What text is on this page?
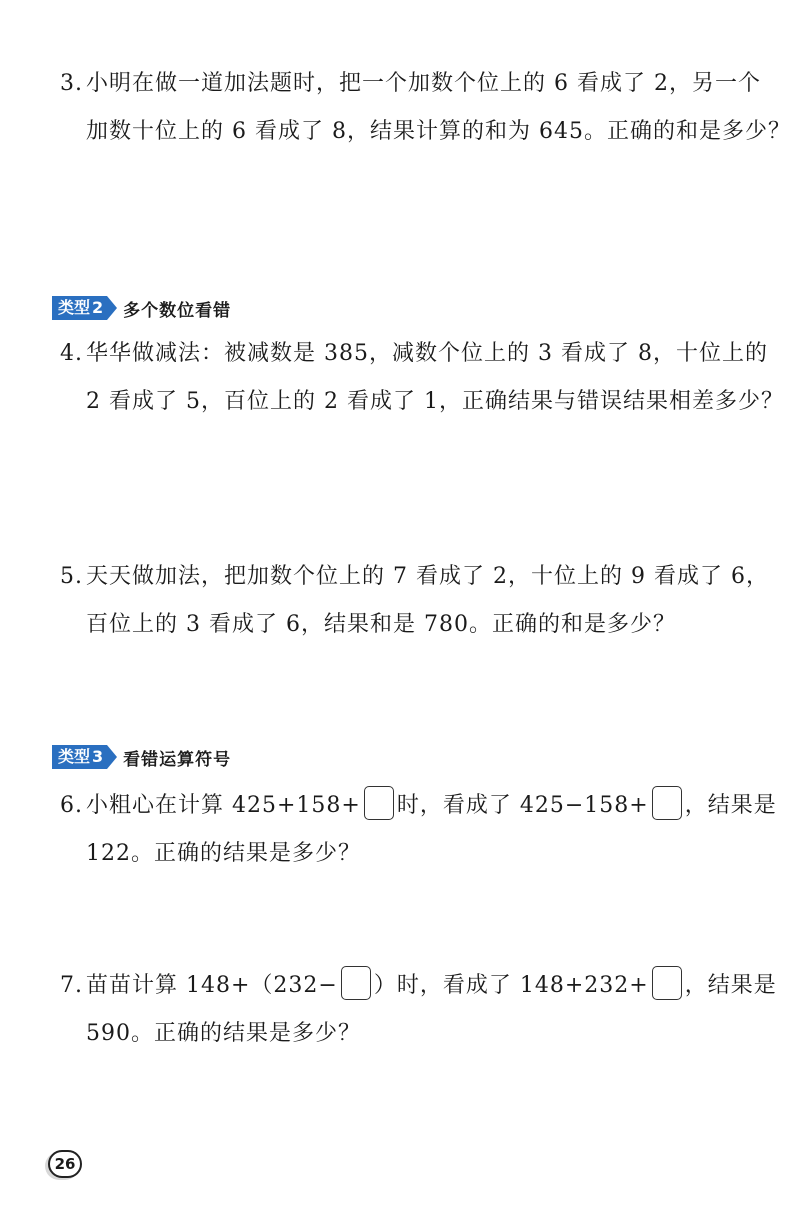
3. 小明在做一道加法题时，把一个加数个位上的 6 看成了 2，另一个
加数十位上的 6 看成了 8，结果计算的和为 645。正确的和是多少？
类型 2 多个数位看错
4. 华华做减法：被减数是 385，减数个位上的 3 看成了 8，十位上的
2 看成了 5，百位上的 2 看成了 1，正确结果与错误结果相差多少？
5. 天天做加法，把加数个位上的 7 看成了 2，十位上的 9 看成了 6，
百位上的 3 看成了 6，结果和是 780。正确的和是多少？
类型 3 看错运算符号
6. 小粗心在计算 425+158+ 时，看成了 425−158+ ，结果是
122。正确的结果是多少？
7. 苗苗计算 148+（232− ）时，看成了 148+232+ ，结果是
590。正确的结果是多少？
26
